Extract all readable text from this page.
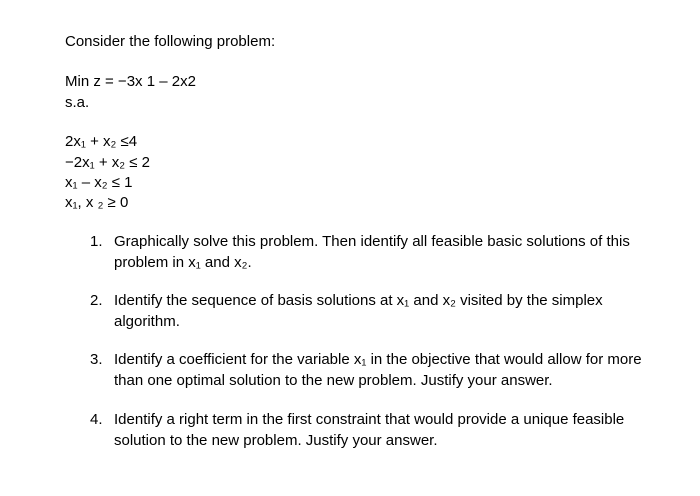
Consider the following problem:
Min z = −3x 1 – 2x2
s.a.
2x₁ + x₂ ≤4
−2x₁ + x₂ ≤ 2
x₁ – x₂ ≤ 1
x₁, x ₂ ≥ 0
1. Graphically solve this problem. Then identify all feasible basic solutions of this problem in x₁ and x₂.
2. Identify the sequence of basis solutions at x₁ and x₂ visited by the simplex algorithm.
3. Identify a coefficient for the variable x₁ in the objective that would allow for more than one optimal solution to the new problem. Justify your answer.
4. Identify a right term in the first constraint that would provide a unique feasible solution to the new problem. Justify your answer.
